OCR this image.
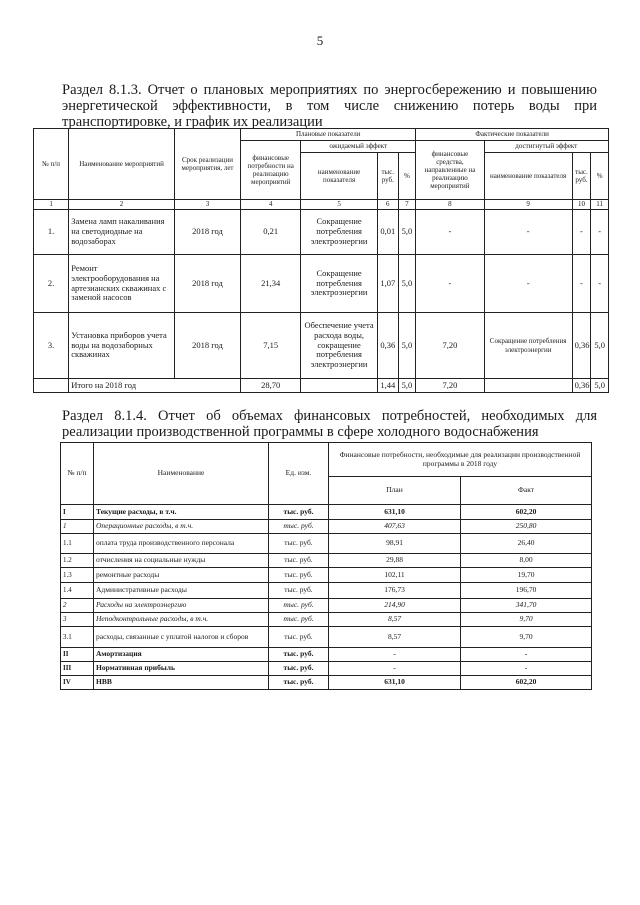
5
Раздел 8.1.3. Отчет о плановых мероприятиях по энергосбережению и повышению энергетической эффективности, в том числе снижению потерь воды при транспортировке, и график их реализации
№ п/п	Наименование мероприятий	Срок реализации мероприятия, лет	Плановые показатели				Фактические показатели			
			финансовые потребности на реализацию мероприятий	ожидаемый эффект			финансовые средства, направленные на реализацию мероприятий	достигнутый эффект		
				наименование показателя	тыс. руб.	%		наименование показателя	тыс. руб.	%
1	2	3	4	5	6	7	8	9	10	11
1.	Замена ламп накаливания на светодиодные на водозаборах	2018 год	0,21	Сокращение потребления электроэнергии	0,01	5,0	-	-	-	-
2.	Ремонт электрооборудования на артезианских скважинах с заменой насосов	2018 год	21,34	Сокращение потребления электроэнергии	1,07	5,0	-	-	-	-
3.	Установка приборов учета воды на водозаборных скважинах	2018 год	7,15	Обеспечение учета расхода воды, сокращение потребления электроэнергии	0,36	5,0	7,20	Сокращение потребления электроэнергии	0,36	5,0
	Итого на 2018 год		28,70		1,44	5,0	7,20		0,36	5,0
Раздел 8.1.4. Отчет об объемах финансовых потребностей, необходимых для реализации производственной программы в сфере холодного водоснабжения
№ п/п	Наименование	Ед. изм.	Финансовые потребности, необходимые для реализации производственной программы в 2018 году	
			План	Факт
I	Текущие расходы, в т.ч.	тыс. руб.	631,10	602,20
1	Операционные расходы, в т.ч.	тыс. руб.	407,63	250,80
1.1	оплата труда производственного персонала	тыс. руб.	98,91	26,40
1.2	отчисления на социальные нужды	тыс. руб.	29,88	8,00
1.3	ремонтные расходы	тыс. руб.	102,11	19,70
1.4	Административные расходы	тыс. руб.	176,73	196,70
2	Расходы на электроэнергию	тыс. руб.	214,90	341,70
3	Неподконтрольные расходы, в т.ч.	тыс. руб.	8,57	9,70
3.1	расходы, связанные с уплатой налогов и сборов	тыс. руб.	8,57	9,70
II	Амортизация	тыс. руб.	-	-
III	Нормативная прибыль	тыс. руб.	-	-
IV	НВВ	тыс. руб.	631,10	602,20
